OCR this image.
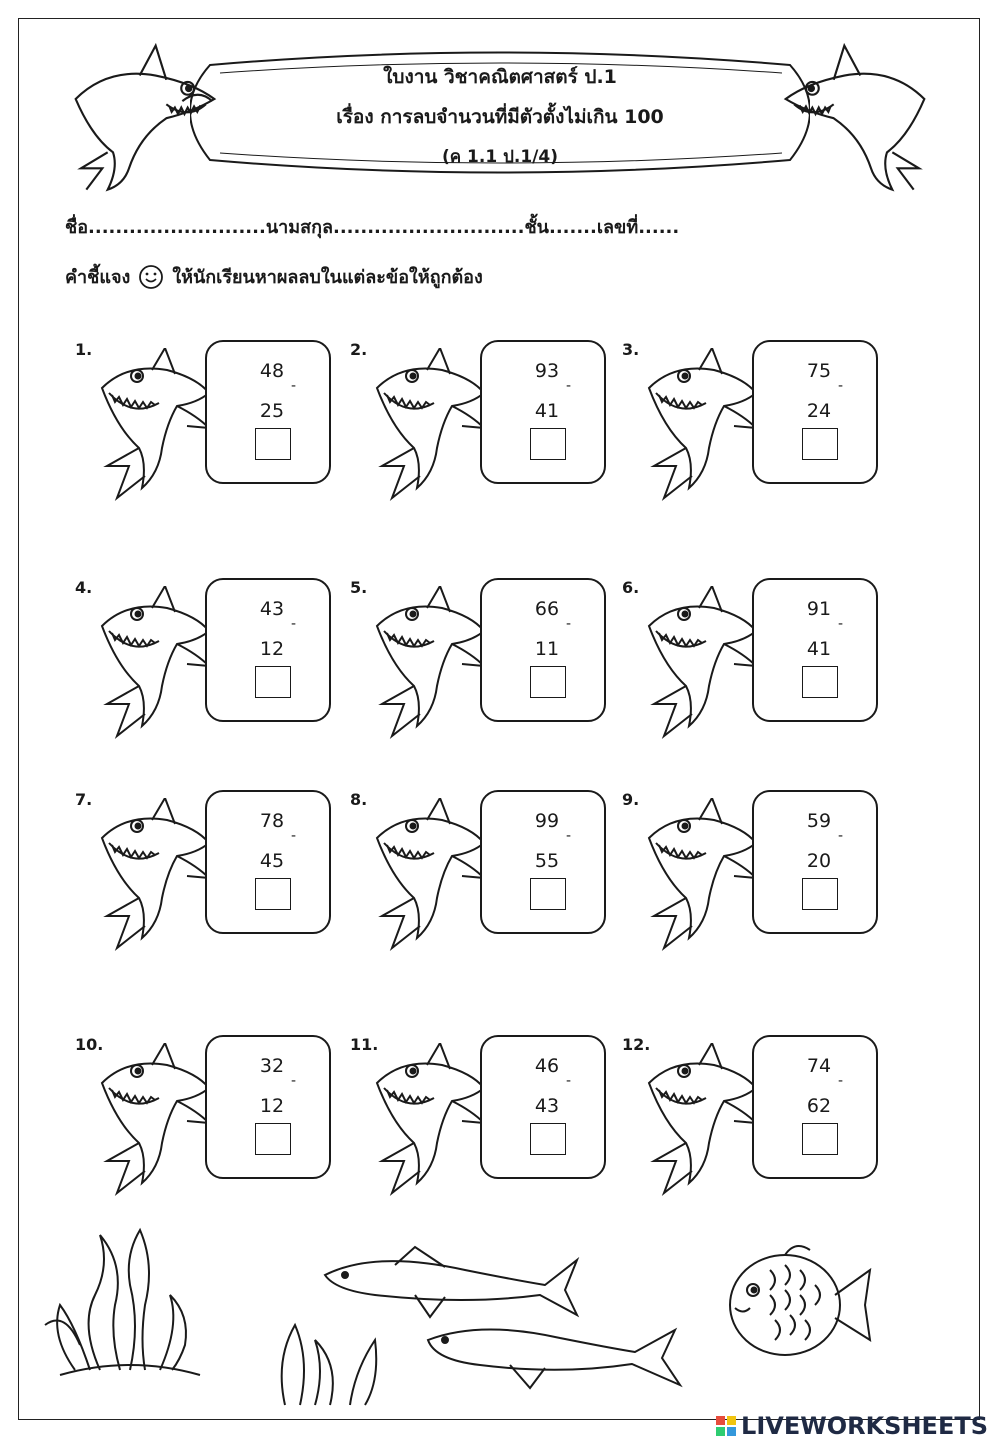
ใบงาน วิชาคณิตศาสตร์ ป.1
เรื่อง การลบจำนวนที่มีตัวตั้งไม่เกิน 100
(ค 1.1 ป.1/4)
ชื่อ..........................นามสกุล............................ชั้น.......เลขที่......
คำชี้แจง ให้นักเรียนหาผลลบในแต่ละข้อให้ถูกต้อง
1.
48
-
25
2.
93
-
41
3.
75
-
24
4.
43
-
12
5.
66
-
11
6.
91
-
41
7.
78
-
45
8.
99
-
55
9.
59
-
20
10.
32
-
12
11.
46
-
43
12.
74
-
62
LIVEWORKSHEETS
